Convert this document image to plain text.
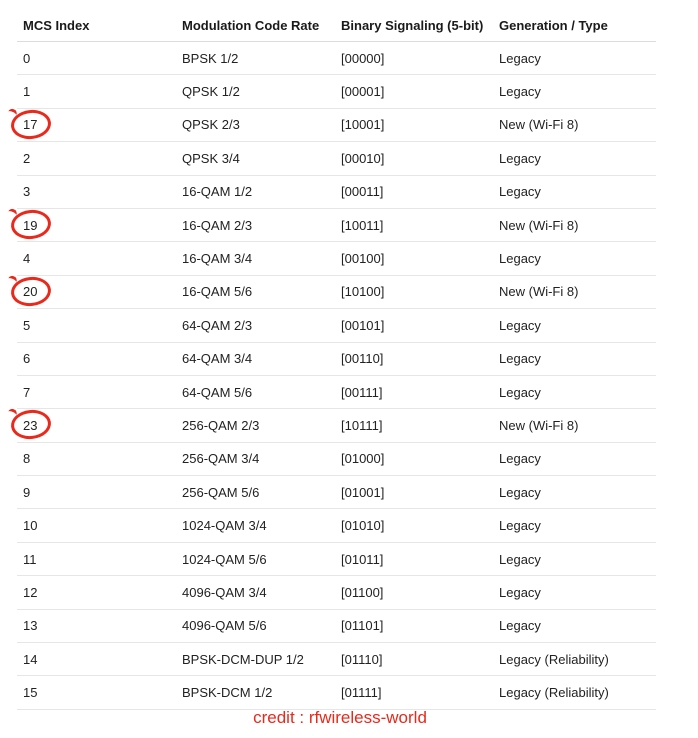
MCS Index	Modulation Code Rate	Binary Signaling (5-bit)	Generation / Type
0	BPSK 1/2	[00000]	Legacy
1	QPSK 1/2	[00001]	Legacy
17	QPSK 2/3	[10001]	New (Wi-Fi 8)
2	QPSK 3/4	[00010]	Legacy
3	16-QAM 1/2	[00011]	Legacy
19	16-QAM 2/3	[10011]	New (Wi-Fi 8)
4	16-QAM 3/4	[00100]	Legacy
20	16-QAM 5/6	[10100]	New (Wi-Fi 8)
5	64-QAM 2/3	[00101]	Legacy
6	64-QAM 3/4	[00110]	Legacy
7	64-QAM 5/6	[00111]	Legacy
23	256-QAM 2/3	[10111]	New (Wi-Fi 8)
8	256-QAM 3/4	[01000]	Legacy
9	256-QAM 5/6	[01001]	Legacy
10	1024-QAM 3/4	[01010]	Legacy
11	1024-QAM 5/6	[01011]	Legacy
12	4096-QAM 3/4	[01100]	Legacy
13	4096-QAM 5/6	[01101]	Legacy
14	BPSK-DCM-DUP 1/2	[01110]	Legacy (Reliability)
15	BPSK-DCM 1/2	[01111]	Legacy (Reliability)
credit : rfwireless-world
